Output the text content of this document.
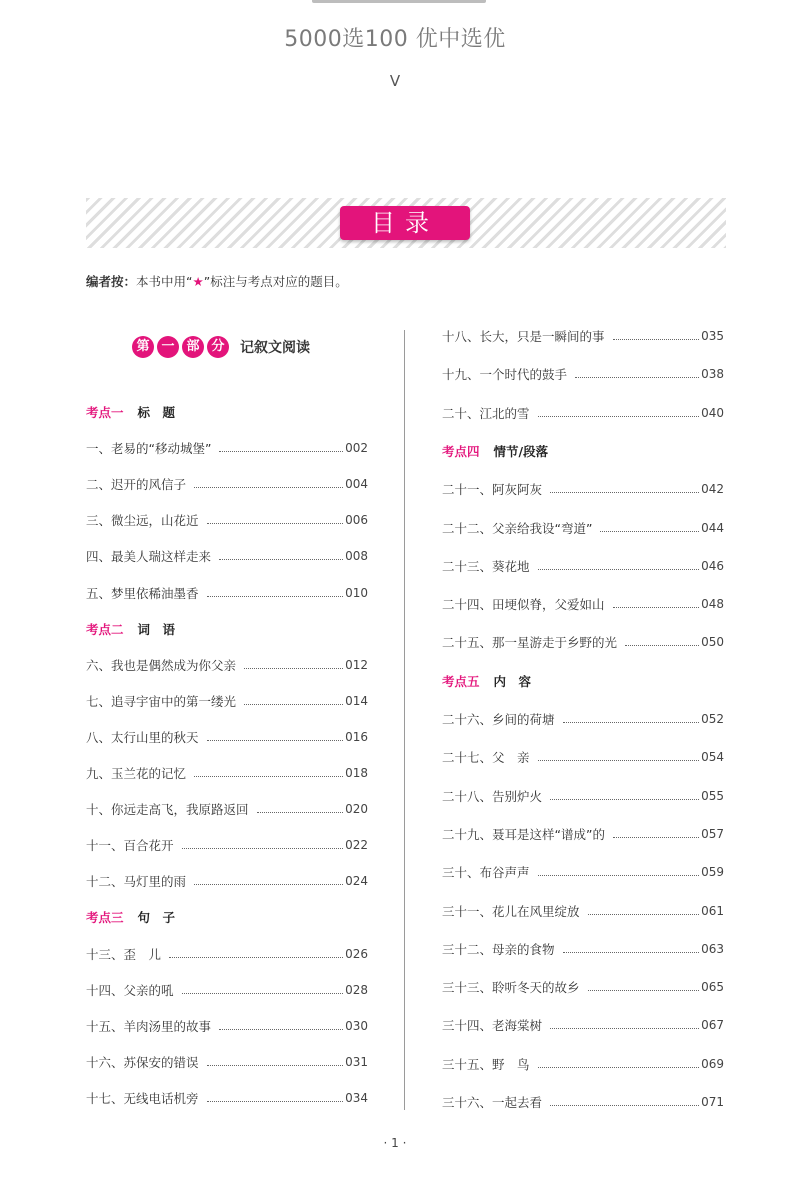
5000选100 优中选优
V
目录
编者按：本书中用“★”标注与考点对应的题目。
第 一 部 分	记叙文阅读
考点一 标　题
一、老易的“移动城堡”	002
二、迟开的风信子	004
三、微尘远，山花近	006
四、最美人瑞这样走来	008
五、梦里依稀油墨香	010
考点二 词　语
六、我也是偶然成为你父亲	012
七、追寻宇宙中的第一缕光	014
八、太行山里的秋天	016
九、玉兰花的记忆	018
十、你远走高飞，我原路返回	020
十一、百合花开	022
十二、马灯里的雨	024
考点三 句　子
十三、歪　儿	026
十四、父亲的吼	028
十五、羊肉汤里的故事	030
十六、苏保安的错误	031
十七、无线电话机旁	034
十八、长大，只是一瞬间的事	035
十九、一个时代的鼓手	038
二十、江北的雪	040
考点四 情节/段落
二十一、阿灰阿灰	042
二十二、父亲给我设“弯道”	044
二十三、葵花地	046
二十四、田埂似脊，父爱如山	048
二十五、那一星游走于乡野的光	050
考点五 内　容
二十六、乡间的荷塘	052
二十七、父　亲	054
二十八、告别炉火	055
二十九、聂耳是这样“谱成”的	057
三十、布谷声声	059
三十一、花儿在风里绽放	061
三十二、母亲的食物	063
三十三、聆听冬天的故乡	065
三十四、老海棠树	067
三十五、野　鸟	069
三十六、一起去看	071
· 1 ·
